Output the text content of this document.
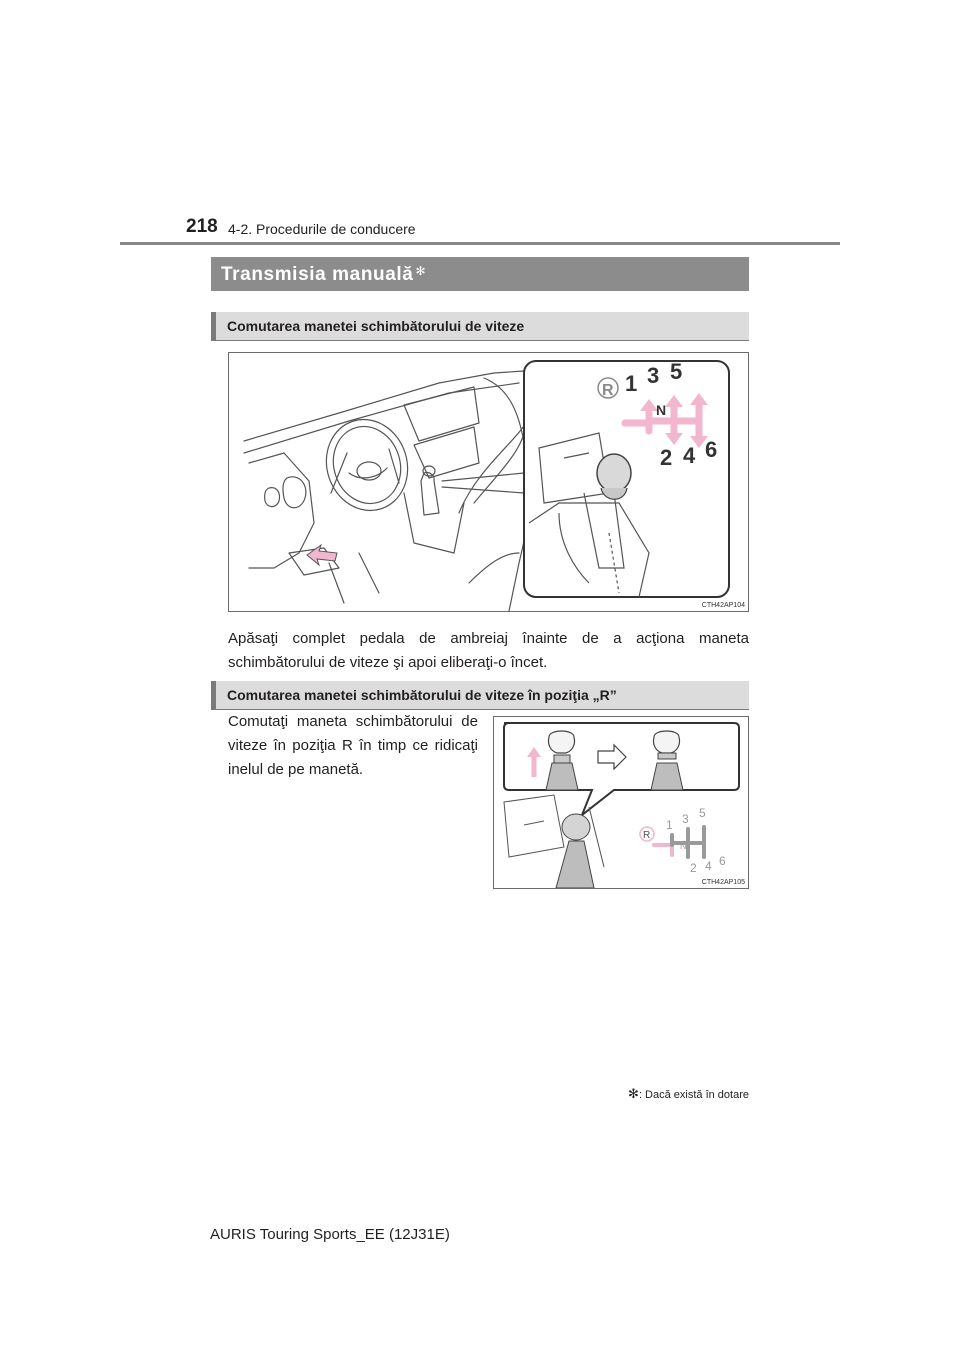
218 4-2. Procedurile de conducere
Transmisia manuală ✻
Comutarea manetei schimbătorului de viteze
R 1 3 5
N
2 4 6
CTH42AP104
Apăsaţi complet pedala de ambreiaj înainte de a acţiona maneta schimbătorului de viteze şi apoi eliberaţi-o încet.
Comutarea manetei schimbătorului de viteze în poziţia „R”
Comutaţi maneta schimbătorului de viteze în poziţia R în timp ce ridicaţi inelul de pe manetă.
R
1 3 5
N
2 4 6
CTH42AP105
✻: Dacă există în dotare
AURIS Touring Sports_EE (12J31E)
